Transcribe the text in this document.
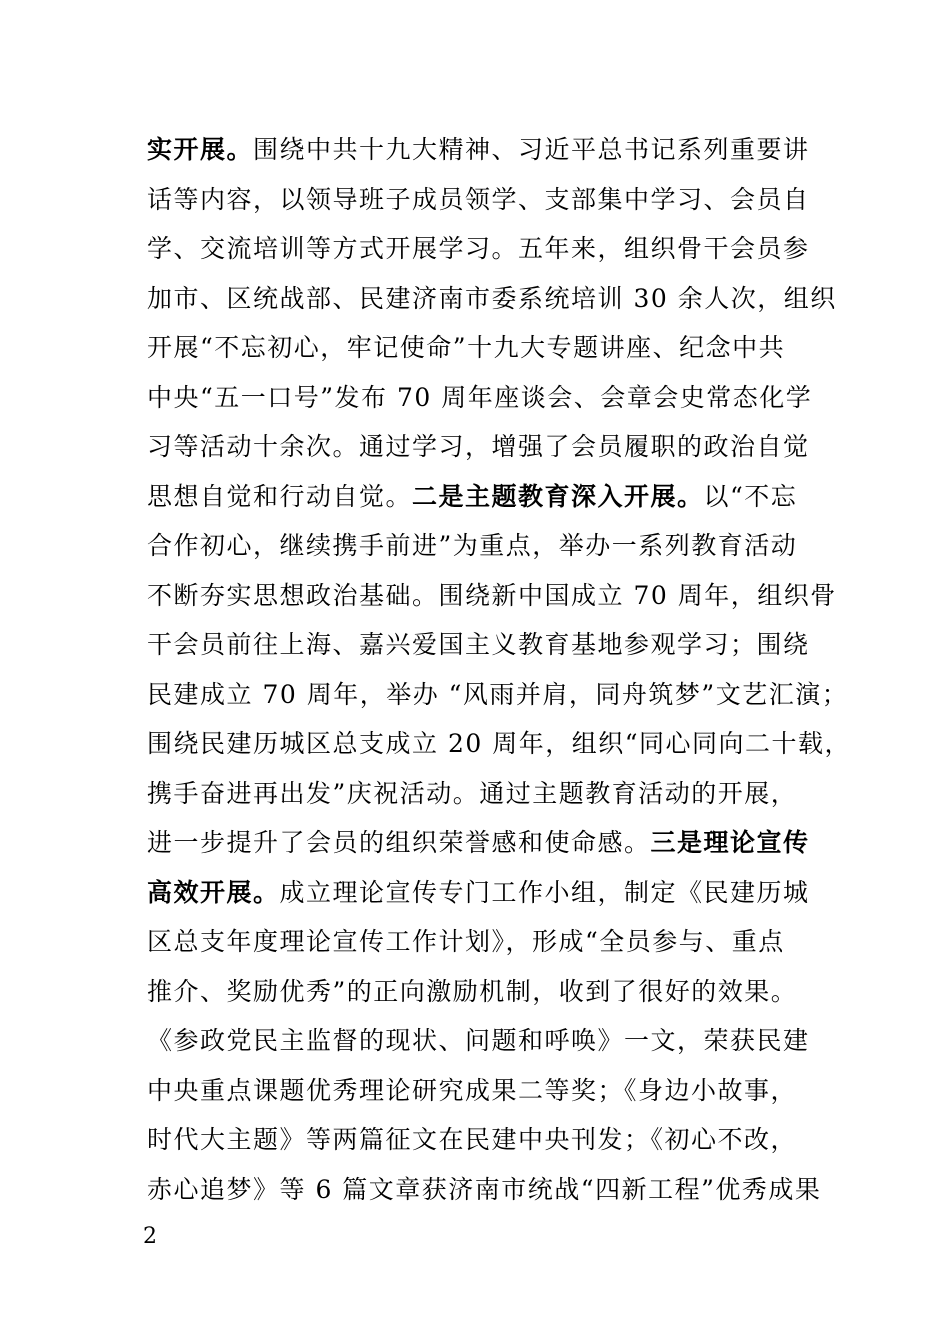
实开展。围绕中共十九大精神、习近平总书记系列重要讲
话等内容，以领导班子成员领学、支部集中学习、会员自
学、交流培训等方式开展学习。五年来，组织骨干会员参
加市、区统战部、民建济南市委系统培训 30 余人次，组织
开展“不忘初心，牢记使命”十九大专题讲座、纪念中共
中央“五一口号”发布 70 周年座谈会、会章会史常态化学
习等活动十余次。通过学习，增强了会员履职的政治自觉
思想自觉和行动自觉。二是主题教育深入开展。以“不忘
合作初心，继续携手前进”为重点，举办一系列教育活动
不断夯实思想政治基础。围绕新中国成立 70 周年，组织骨
干会员前往上海、嘉兴爱国主义教育基地参观学习；围绕
民建成立 70 周年，举办 “风雨并肩，同舟筑梦”文艺汇演；
围绕民建历城区总支成立 20 周年，组织“同心同向二十载，
携手奋进再出发”庆祝活动。通过主题教育活动的开展，
进一步提升了会员的组织荣誉感和使命感。三是理论宣传
高效开展。成立理论宣传专门工作小组，制定《民建历城
区总支年度理论宣传工作计划》，形成“全员参与、重点
推介、奖励优秀”的正向激励机制，收到了很好的效果。
《参政党民主监督的现状、问题和呼唤》一文，荣获民建
中央重点课题优秀理论研究成果二等奖；《身边小故事，
时代大主题》等两篇征文在民建中央刊发；《初心不改，
赤心追梦》等 6 篇文章获济南市统战“四新工程”优秀成果
2
